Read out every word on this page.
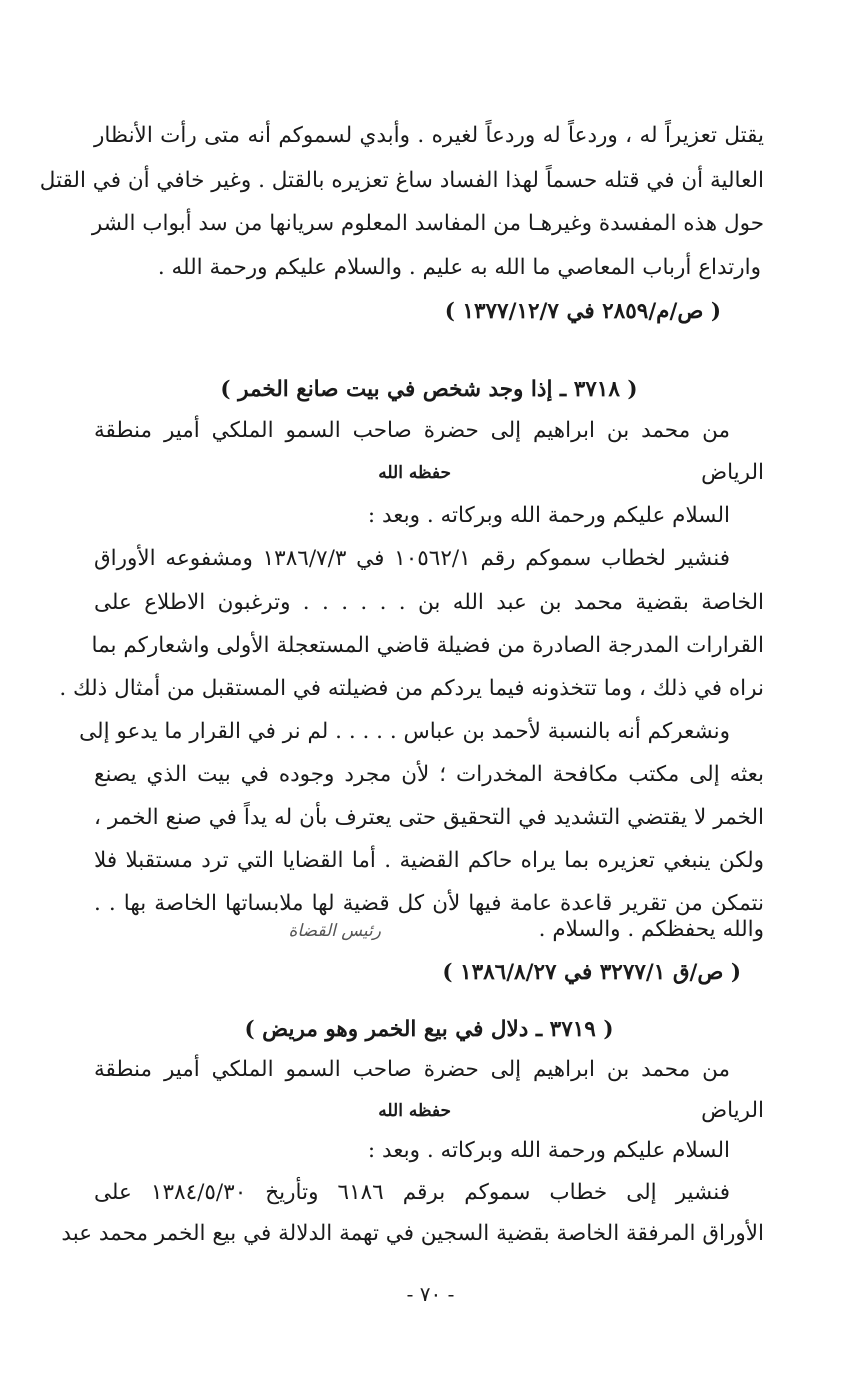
يقتل تعزيراً له ، وردعاً له وردعاً لغيره . وأبدي لسموكم أنه متى رأت الأنظار
العالية أن في قتله حسماً لهذا الفساد ساغ تعزيره بالقتل . وغير خافي أن في القتل
حول هذه المفسدة وغيرهـا من المفاسد المعلوم سريانها من سد أبواب الشر
وارتداع أرباب المعاصي ما الله به عليم . والسلام عليكم ورحمة الله .
( ص/م/٢٨٥٩ في ١٣٧٧/١٢/٧ )
( ٣٧١٨ ـ إذا وجد شخص في بيت صانع الخمر )
من محمد بن ابراهيم إلى حضرة صاحب السمو الملكي أمير منطقة
الرياض
حفظه الله
السلام عليكم ورحمة الله وبركاته . وبعد :
فنشير لخطاب سموكم رقم ١٠٥٦٢/١ في ١٣٨٦/٧/٣ ومشفوعه الأوراق
الخاصة بقضية محمد بن عبد الله بن . . . . . . وترغبون الاطلاع على
القرارات المدرجة الصادرة من فضيلة قاضي المستعجلة الأولى واشعاركم بما
نراه في ذلك ، وما تتخذونه فيما يردكم من فضيلته في المستقبل من أمثال ذلك .
ونشعركم أنه بالنسبة لأحمد بن عباس . . . . . لم نر في القرار ما يدعو إلى
بعثه إلى مكتب مكافحة المخدرات ؛ لأن مجرد وجوده في بيت الذي يصنع
الخمر لا يقتضي التشديد في التحقيق حتى يعترف بأن له يداً في صنع الخمر ،
ولكن ينبغي تعزيره بما يراه حاكم القضية . أما القضايا التي ترد مستقبلا فلا
نتمكن من تقرير قاعدة عامة فيها لأن كل قضية لها ملابساتها الخاصة بها . .
والله يحفظكم . والسلام .
رئيس القضاة
( ص/ق ٣٢٧٧/١ في ١٣٨٦/٨/٢٧ )
( ٣٧١٩ ـ دلال في بيع الخمر وهو مريض )
من محمد بن ابراهيم إلى حضرة صاحب السمو الملكي أمير منطقة
الرياض
حفظه الله
السلام عليكم ورحمة الله وبركاته . وبعد :
فنشير إلى خطاب سموكم برقم ٦١٨٦ وتأريخ ١٣٨٤/٥/٣٠ على
الأوراق المرفقة الخاصة بقضية السجين في تهمة الدلالة في بيع الخمر محمد عبد
- ٧٠ -
